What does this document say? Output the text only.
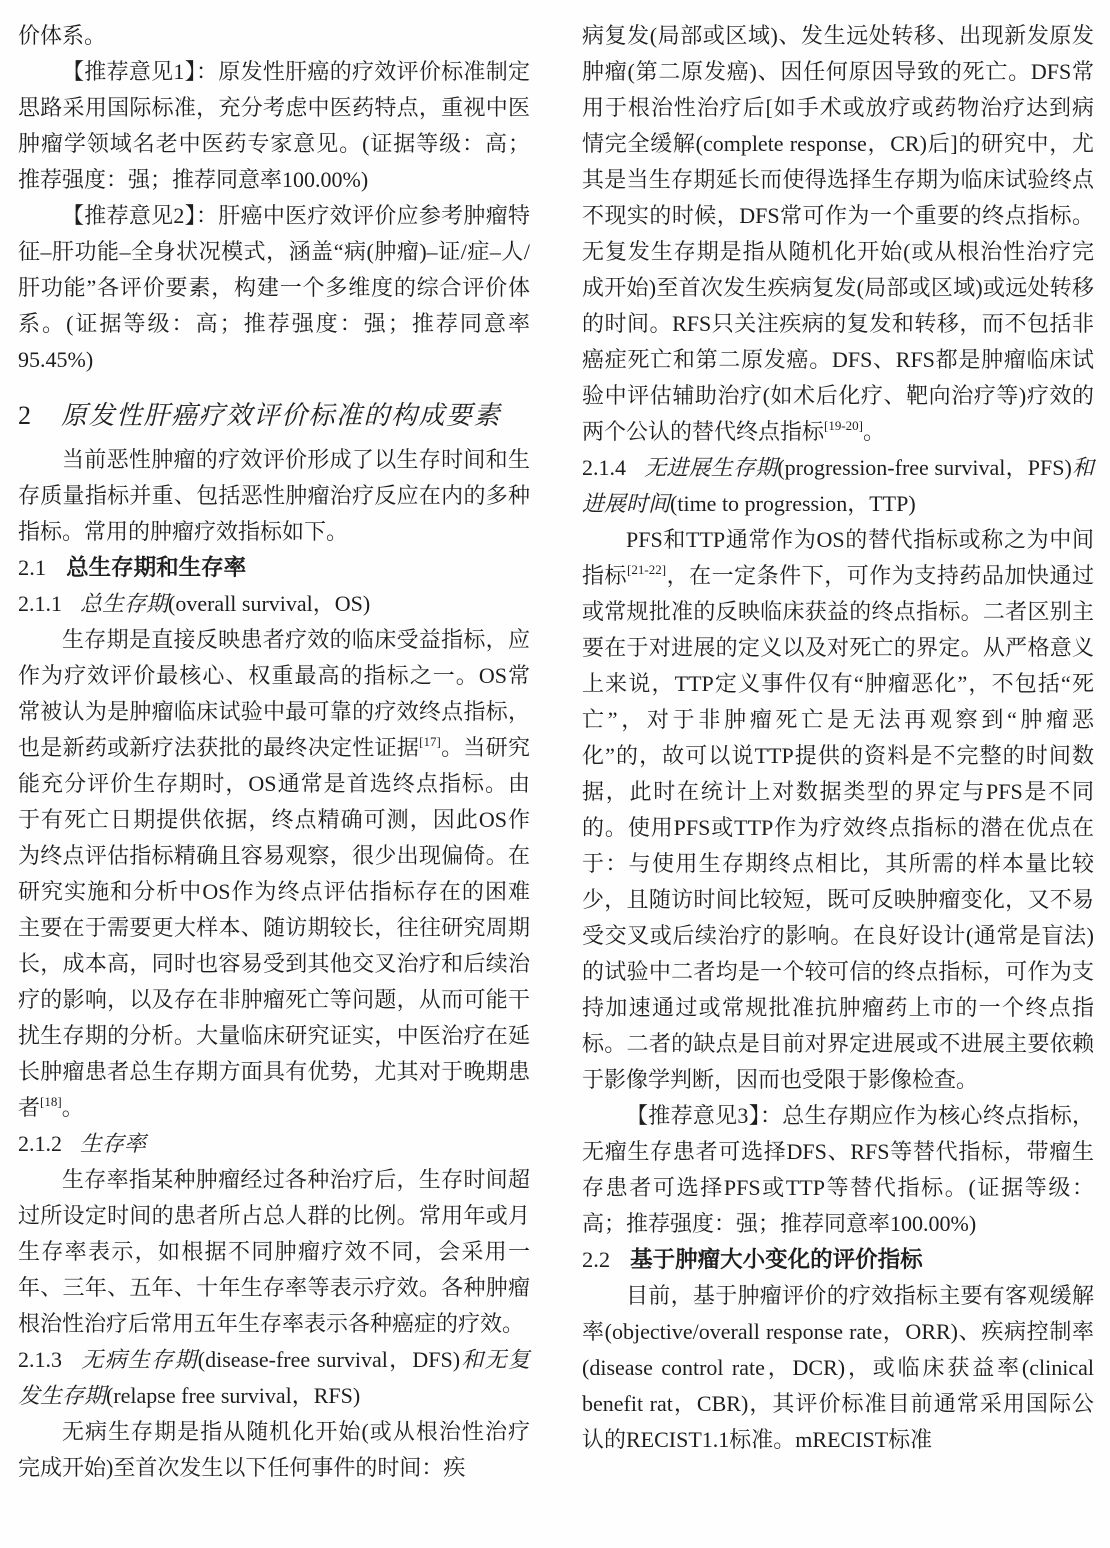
价体系。

【推荐意见1】：原发性肝癌的疗效评价标准制定思路采用国际标准，充分考虑中医药特点，重视中医肿瘤学领域名老中医药专家意见。(证据等级：高；推荐强度：强；推荐同意率100.00%)

【推荐意见2】：肝癌中医疗效评价应参考肿瘤特征–肝功能–全身状况模式，涵盖“病(肿瘤)–证/症–人/肝功能”各评价要素，构建一个多维度的综合评价体系。(证据等级：高；推荐强度：强；推荐同意率95.45%)

2 原发性肝癌疗效评价标准的构成要素

当前恶性肿瘤的疗效评价形成了以生存时间和生存质量指标并重、包括恶性肿瘤治疗反应在内的多种指标。常用的肿瘤疗效指标如下。

2.1 总生存期和生存率
2.1.1 总生存期(overall survival，OS)

生存期是直接反映患者疗效的临床受益指标，应作为疗效评价最核心、权重最高的指标之一。OS常常被认为是肿瘤临床试验中最可靠的疗效终点指标，也是新药或新疗法获批的最终决定性证据[17]。当研究能充分评价生存期时，OS通常是首选终点指标。由于有死亡日期提供依据，终点精确可测，因此OS作为终点评估指标精确且容易观察，很少出现偏倚。在研究实施和分析中OS作为终点评估指标存在的困难主要在于需要更大样本、随访期较长，往往研究周期长，成本高，同时也容易受到其他交叉治疗和后续治疗的影响，以及存在非肿瘤死亡等问题，从而可能干扰生存期的分析。大量临床研究证实，中医治疗在延长肿瘤患者总生存期方面具有优势，尤其对于晚期患者[18]。

2.1.2 生存率

生存率指某种肿瘤经过各种治疗后，生存时间超过所设定时间的患者所占总人群的比例。常用年或月生存率表示，如根据不同肿瘤疗效不同，会采用一年、三年、五年、十年生存率等表示疗效。各种肿瘤根治性治疗后常用五年生存率表示各种癌症的疗效。

2.1.3 无病生存期(disease-free survival，DFS)和无复发生存期(relapse free survival，RFS)

无病生存期是指从随机化开始(或从根治性治疗完成开始)至首次发生以下任何事件的时间：疾

病复发(局部或区域)、发生远处转移、出现新发原发肿瘤(第二原发癌)、因任何原因导致的死亡。DFS常用于根治性治疗后[如手术或放疗或药物治疗达到病情完全缓解(complete response，CR)后]的研究中，尤其是当生存期延长而使得选择生存期为临床试验终点不现实的时候，DFS常可作为一个重要的终点指标。无复发生存期是指从随机化开始(或从根治性治疗完成开始)至首次发生疾病复发(局部或区域)或远处转移的时间。RFS只关注疾病的复发和转移，而不包括非癌症死亡和第二原发癌。DFS、RFS都是肿瘤临床试验中评估辅助治疗(如术后化疗、靶向治疗等)疗效的两个公认的替代终点指标[19-20]。

2.1.4 无进展生存期(progression-free survival，PFS)和进展时间(time to progression，TTP)

PFS和TTP通常作为OS的替代指标或称之为中间指标[21-22]，在一定条件下，可作为支持药品加快通过或常规批准的反映临床获益的终点指标。二者区别主要在于对进展的定义以及对死亡的界定。从严格意义上来说，TTP定义事件仅有“肿瘤恶化”，不包括“死亡”，对于非肿瘤死亡是无法再观察到“肿瘤恶化”的，故可以说TTP提供的资料是不完整的时间数据，此时在统计上对数据类型的界定与PFS是不同的。使用PFS或TTP作为疗效终点指标的潜在优点在于：与使用生存期终点相比，其所需的样本量比较少，且随访时间比较短，既可反映肿瘤变化，又不易受交叉或后续治疗的影响。在良好设计(通常是盲法)的试验中二者均是一个较可信的终点指标，可作为支持加速通过或常规批准抗肿瘤药上市的一个终点指标。二者的缺点是目前对界定进展或不进展主要依赖于影像学判断，因而也受限于影像检查。

【推荐意见3】：总生存期应作为核心终点指标，无瘤生存患者可选择DFS、RFS等替代指标，带瘤生存患者可选择PFS或TTP等替代指标。(证据等级：高；推荐强度：强；推荐同意率100.00%)

2.2 基于肿瘤大小变化的评价指标

目前，基于肿瘤评价的疗效指标主要有客观缓解率(objective/overall response rate，ORR)、疾病控制率(disease control rate，DCR)，或临床获益率(clinical benefit rat，CBR)，其评价标准目前通常采用国际公认的RECIST1.1标准。mRECIST标准
